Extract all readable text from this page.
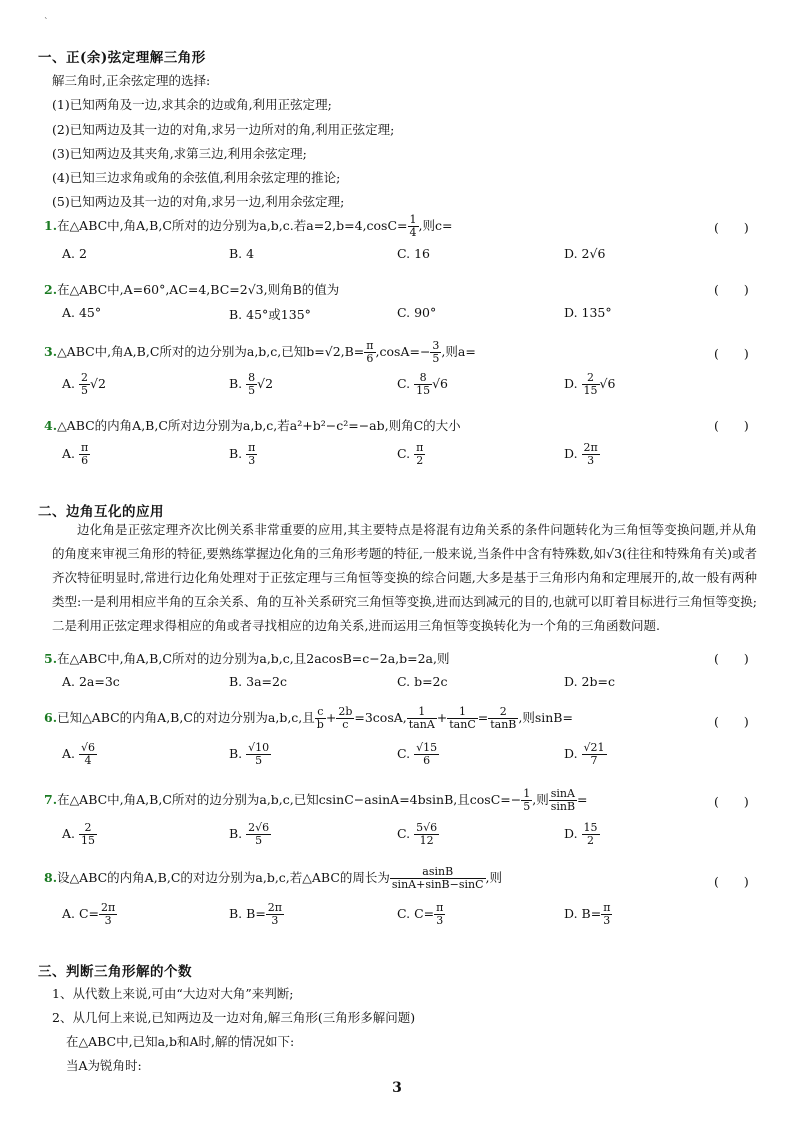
`
一、正(余)弦定理解三角形
解三角时,正余弦定理的选择:
(1)已知两角及一边,求其余的边或角,利用正弦定理;
(2)已知两边及其一边的对角,求另一边所对的角,利用正弦定理;
(3)已知两边及其夹角,求第三边,利用余弦定理;
(4)已知三边求角或角的余弦值,利用余弦定理的推论;
(5)已知两边及其一边的对角,求另一边,利用余弦定理;
1.在△ABC中,角A,B,C所对的边分别为a,b,c.若$a=2,b=4,\cos C= \frac{1}{4}$ ,则c=	(　　)
A. 2	B. 4	C. 16	D. 2√6
2.在△ABC中,A=60°,AC=4,BC=2√3,则角B的值为	(　　)
A. 45°	B. 45°或135°	C. 90°	D. 135°
3.△ABC中,角A,B,C所对的边分别为a,b,c,已知$b=√2,B= \frac{\pi}{6} ,\cos A=- \frac{3}{5}$ ,则a=	(　　)
A. $\frac{2}{5} √2$	B. $\frac{8}{5} √2$	C. $\frac{8}{15} √6$	D. $\frac{2}{15} √6$
4.△ABC的内角A,B,C所对边分别为a,b,c,若a²+b²−c²=−ab,则角C的大小	(　　)
A. $\frac{\pi}{6}$	B. $\frac{\pi}{3}$	C. $\frac{\pi}{2}$	D. $\frac{2\pi}{3}$
二、边角互化的应用
边化角是正弦定理齐次比例关系非常重要的应用,其主要特点是将混有边角关系的条件问题转化为三角恒等变换问题,并从角的角度来审视三角形的特征,要熟练掌握边化角的三角形考题的特征,一般来说,当条件中含有特殊数,如√3(往往和特殊角有关)或者齐次特征明显时,常进行边化角处理对于正弦定理与三角恒等变换的综合问题,大多是基于三角形内角和定理展开的,故一般有两种类型:一是利用相应半角的互余关系、角的互补关系研究三角恒等变换,进而达到减元的目的,也就可以盯着目标进行三角恒等变换;二是利用正弦定理求得相应的角或者寻找相应的边角关系,进而运用三角恒等变换转化为一个角的三角函数问题.
5.在△ABC中,角A,B,C所对的边分别为a,b,c,且2acosB=c−2a,b=2a,则	(　　)
A. 2a=3c	B. 3a=2c	C. b=2c	D. 2b=c
6.已知△ABC的内角A,B,C的对边分别为a,b,c,且 $\frac{c}{b} + \frac{2b}{c} =3\cos A$, $\frac{1}{\tan A} + \frac{1}{\tan C} = \frac{2}{\tan B}$ ,则sinB=	(　　)
A. $\frac{√6}{4}$	B. $\frac{√10}{5}$	C. $\frac{√15}{6}$	D. $\frac{√21}{7}$
7.在△ABC中,角A,B,C所对的边分别为a,b,c,已知csinC−asinA=4bsinB,且$\cos C=- \frac{1}{5}$ ,则 $\frac{\sin A}{\sin B}$ =	(　　)
A. $\frac{2}{15}$	B. $\frac{2√6}{5}$	C. $\frac{5√6}{12}$	D. $\frac{15}{2}$
8.设△ABC的内角A,B,C的对边分别为a,b,c,若△ABC的周长为 $\frac{asinB}{\sin A+\sin B-\sin C}$ ,则	(　　)
A. $C= \frac{2\pi}{3}$	B. $B= \frac{2\pi}{3}$	C. $C= \frac{\pi}{3}$	D. $B= \frac{\pi}{3}$
三、判断三角形解的个数
1、从代数上来说,可由“大边对大角”来判断;
2、从几何上来说,已知两边及一边对角,解三角形(三角形多解问题)
在△ABC中,已知a,b和A时,解的情况如下:
当A为锐角时:
3
